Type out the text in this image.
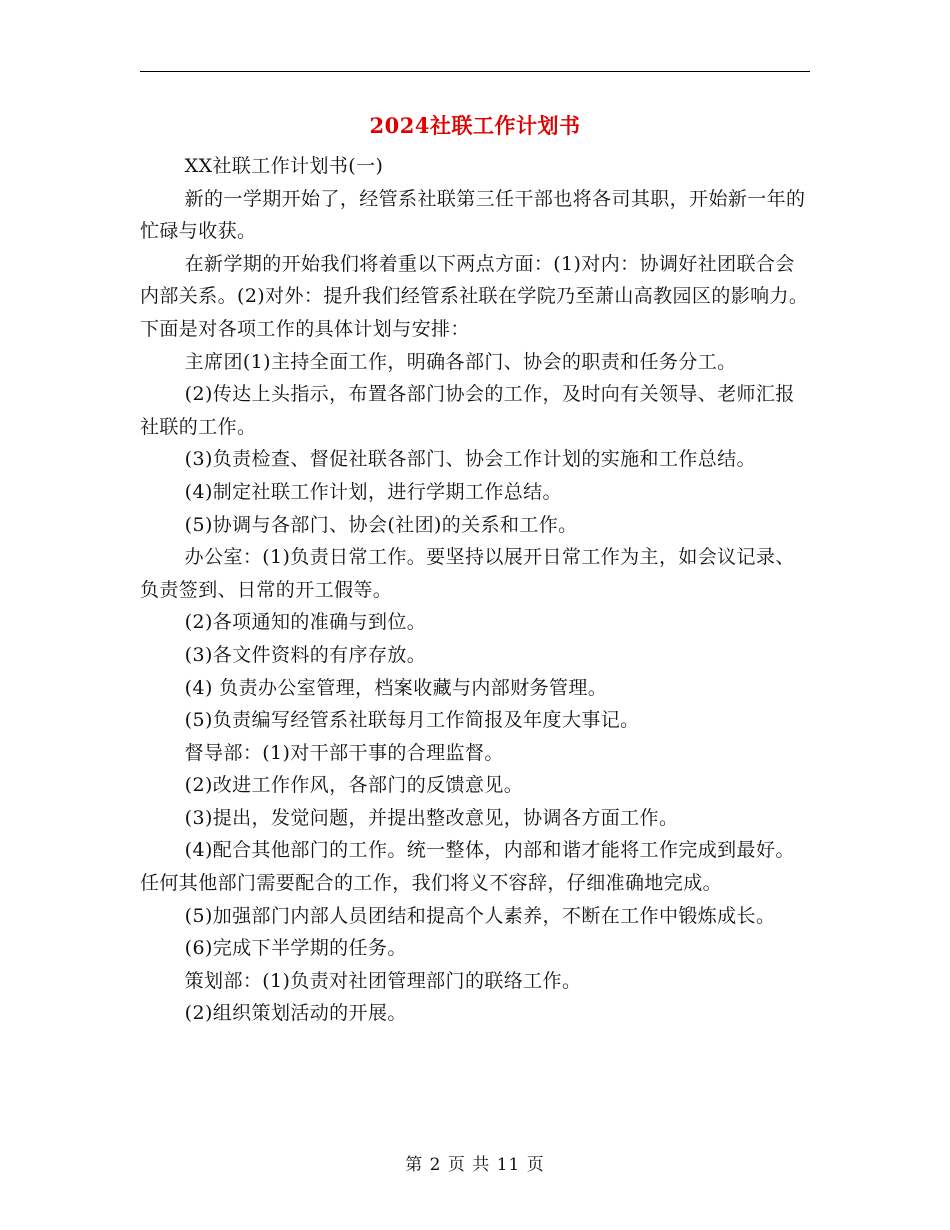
2024社联工作计划书

XX社联工作计划书(一)

新的一学期开始了，经管系社联第三任干部也将各司其职，开始新一年的忙碌与收获。

在新学期的开始我们将着重以下两点方面：(1)对内：协调好社团联合会内部关系。(2)对外：提升我们经管系社联在学院乃至萧山高教园区的影响力。下面是对各项工作的具体计划与安排：

主席团(1)主持全面工作，明确各部门、协会的职责和任务分工。

(2)传达上头指示，布置各部门协会的工作，及时向有关领导、老师汇报社联的工作。

(3)负责检查、督促社联各部门、协会工作计划的实施和工作总结。

(4)制定社联工作计划，进行学期工作总结。

(5)协调与各部门、协会(社团)的关系和工作。

办公室：(1)负责日常工作。要坚持以展开日常工作为主，如会议记录、负责签到、日常的开工假等。

(2)各项通知的准确与到位。

(3)各文件资料的有序存放。

(4) 负责办公室管理，档案收藏与内部财务管理。

(5)负责编写经管系社联每月工作简报及年度大事记。

督导部：(1)对干部干事的合理监督。

(2)改进工作作风，各部门的反馈意见。

(3)提出，发觉问题，并提出整改意见，协调各方面工作。

(4)配合其他部门的工作。统一整体，内部和谐才能将工作完成到最好。任何其他部门需要配合的工作，我们将义不容辞，仔细准确地完成。

(5)加强部门内部人员团结和提高个人素养，不断在工作中锻炼成长。

(6)完成下半学期的任务。

策划部：(1)负责对社团管理部门的联络工作。

(2)组织策划活动的开展。

第 2 页 共 11 页
